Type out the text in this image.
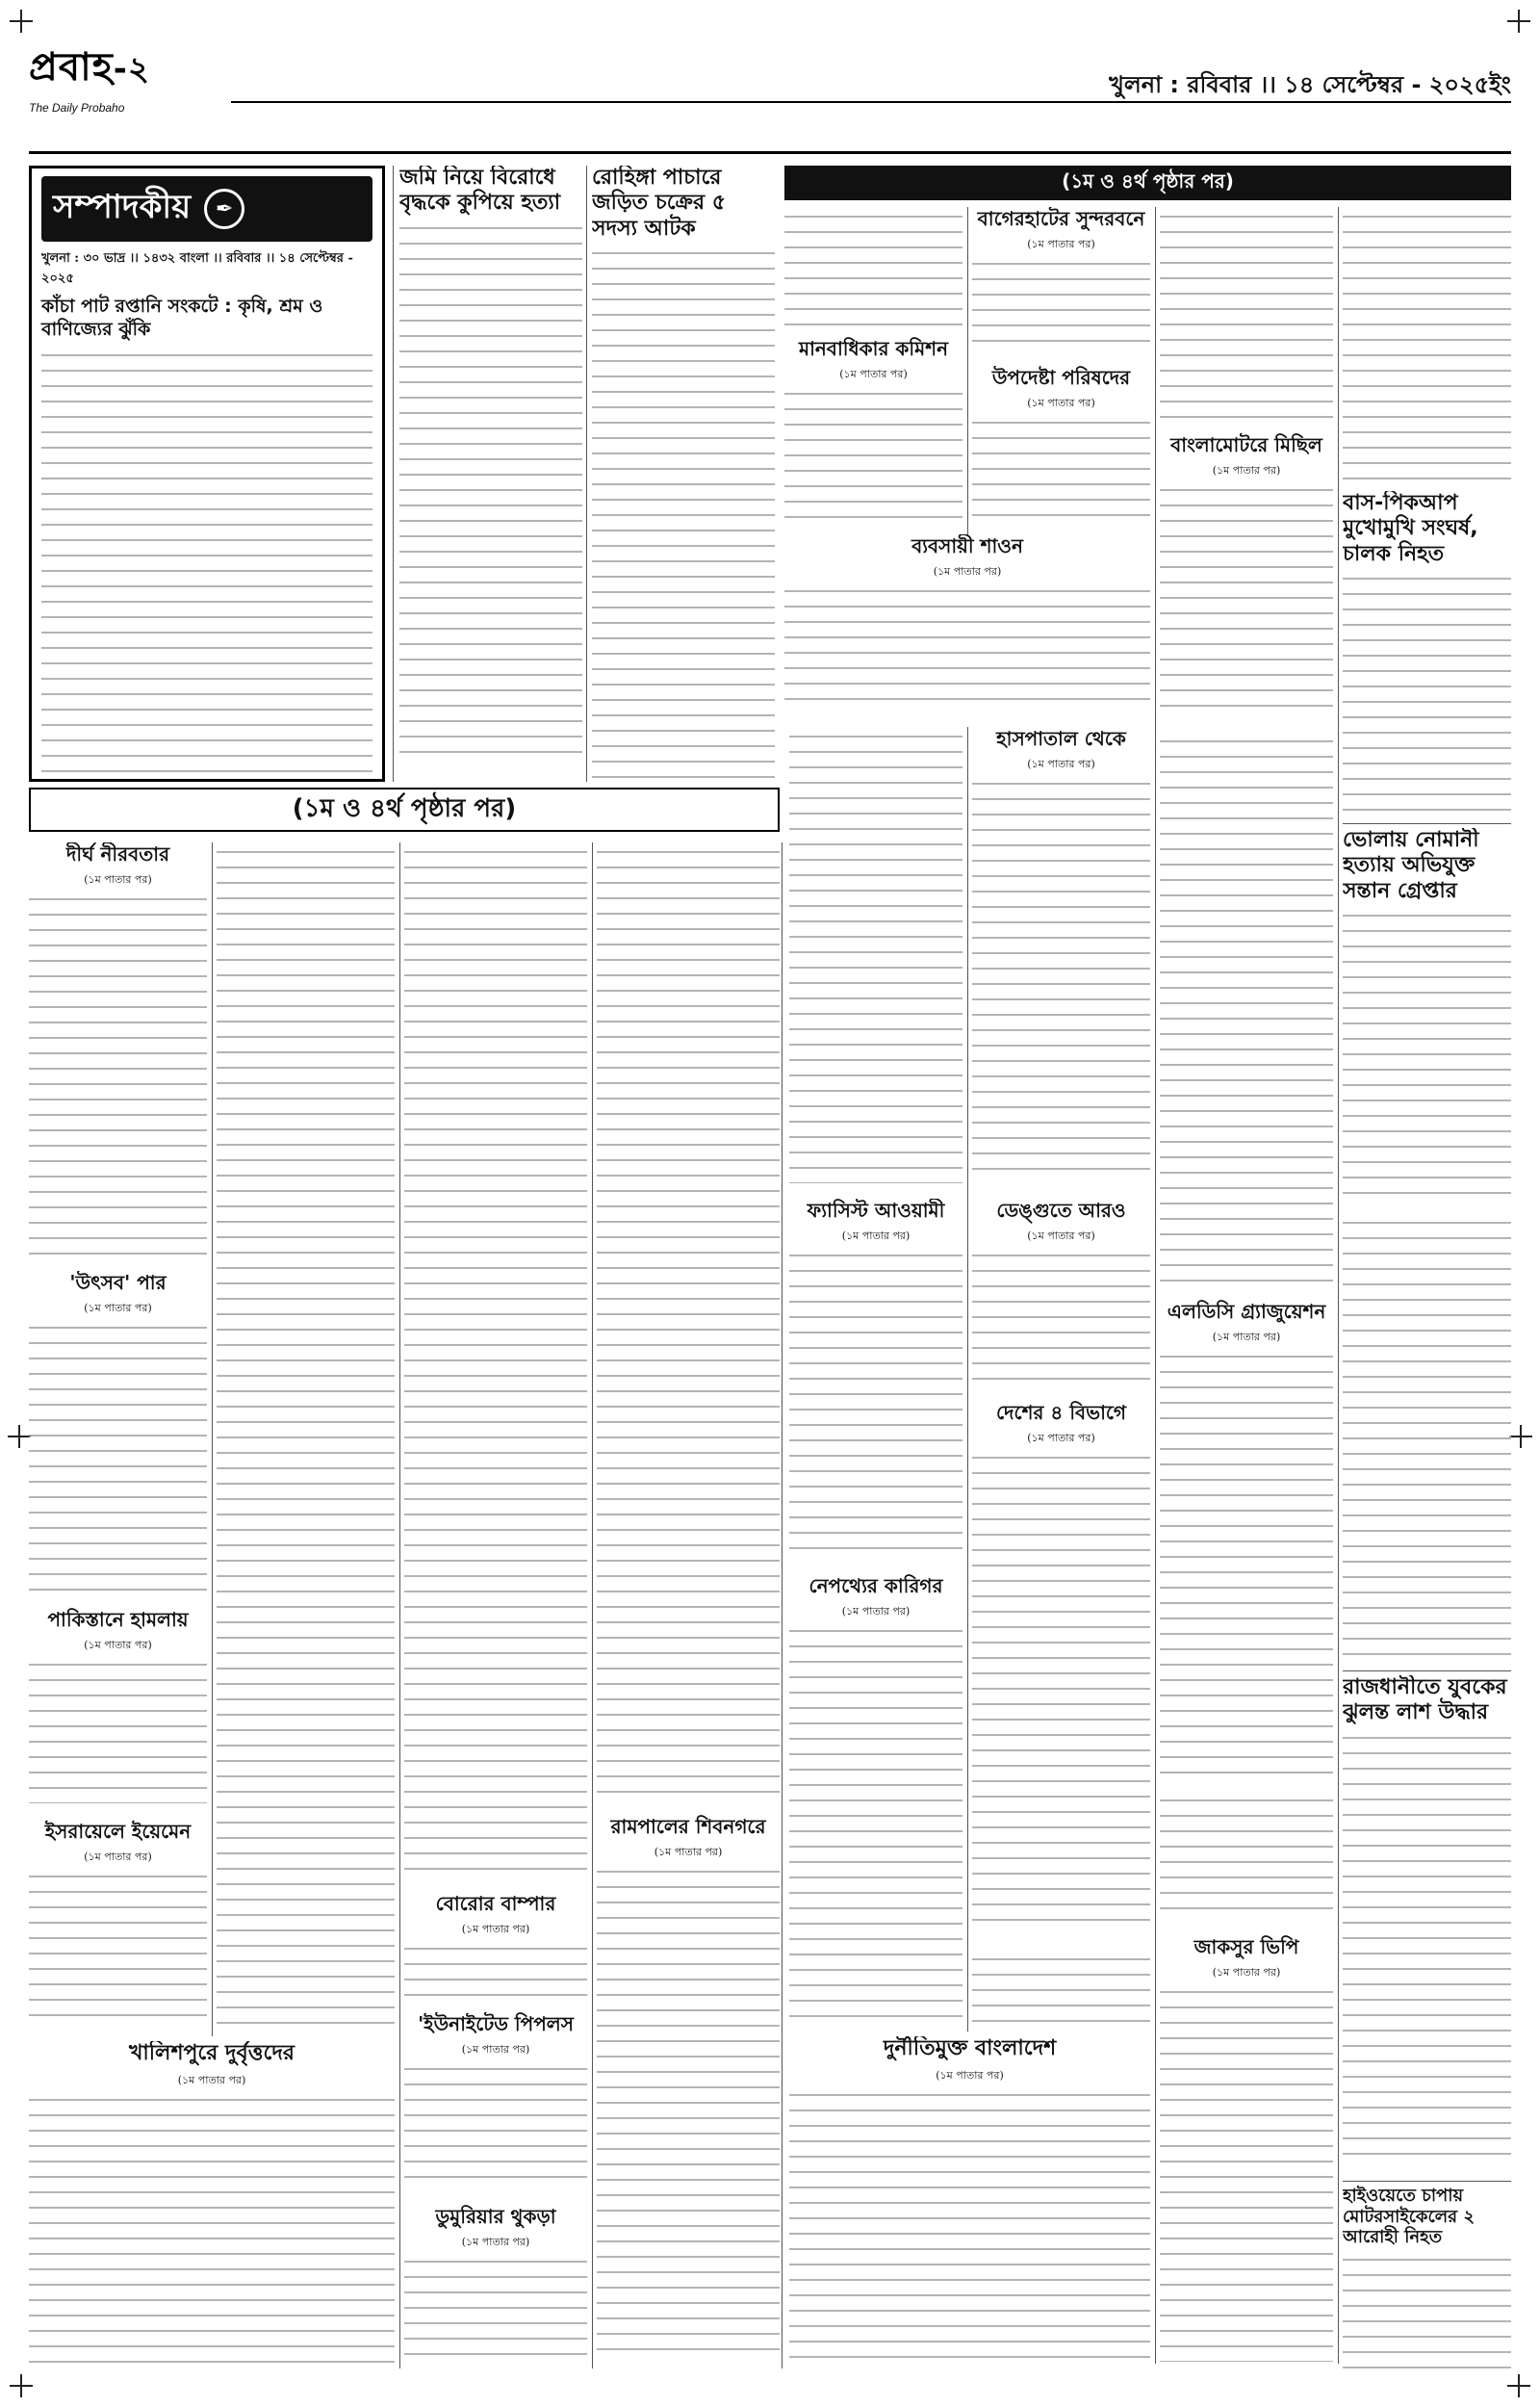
প্রবাহ-২
The Daily Probaho
খুলনা : রবিবার ।। ১৪ সেপ্টেম্বর - ২০২৫ইং
সম্পাদকীয়	✒
খুলনা : ৩০ ভাদ্র ।। ১৪৩২ বাংলা ।। রবিবার ।। ১৪ সেপ্টেম্বর - ২০২৫
কাঁচা পাট রপ্তানি সংকটে : কৃষি, শ্রম ও বাণিজ্যের ঝুঁকি
জমি নিয়ে বিরোধে বৃদ্ধকে কুপিয়ে হত্যা
রোহিঙ্গা পাচারে জড়িত চক্রের ৫ সদস্য আটক
(১ম ও ৪র্থ পৃষ্ঠার পর)
(১ম ও ৪র্থ পৃষ্ঠার পর)
মানবাধিকার কমিশন
(১ম পাতার পর)
বাগেরহাটের সুন্দরবনে
(১ম পাতার পর)
উপদেষ্টা পরিষদের
(১ম পাতার পর)
ব্যবসায়ী শাওন
(১ম পাতার পর)
বাংলামোটরে মিছিল
(১ম পাতার পর)
বাস-পিকআপ মুখোমুখি সংঘর্ষ, চালক নিহত
দীর্ঘ নীরবতার
(১ম পাতার পর)
'উৎসব' পার
(১ম পাতার পর)
পাকিস্তানে হামলায়
(১ম পাতার পর)
ইসরায়েলে ইয়েমেন
(১ম পাতার পর)
খালিশপুরে দুর্বৃত্তদের
(১ম পাতার পর)
বোরোর বাম্পার
(১ম পাতার পর)
'ইউনাইটেড পিপলস
(১ম পাতার পর)
ডুমুরিয়ার থুকড়া
(১ম পাতার পর)
রামপালের শিবনগরে
(১ম পাতার পর)
হাসপাতাল থেকে
(১ম পাতার পর)
ডেঙ্গুতে আরও
(১ম পাতার পর)
ফ্যাসিস্ট আওয়ামী
(১ম পাতার পর)
দেশের ৪ বিভাগে
(১ম পাতার পর)
নেপথ্যের কারিগর
(১ম পাতার পর)
দুর্নীতিমুক্ত বাংলাদেশ
(১ম পাতার পর)
এলডিসি গ্র্যাজুয়েশন
(১ম পাতার পর)
জাকসুর ভিপি
(১ম পাতার পর)
ভোলায় নোমানী হত্যায় অভিযুক্ত সন্তান গ্রেপ্তার
রাজধানীতে যুবকের ঝুলন্ত লাশ উদ্ধার
হাইওয়েতে চাপায় মোটরসাইকেলের ২ আরোহী নিহত
